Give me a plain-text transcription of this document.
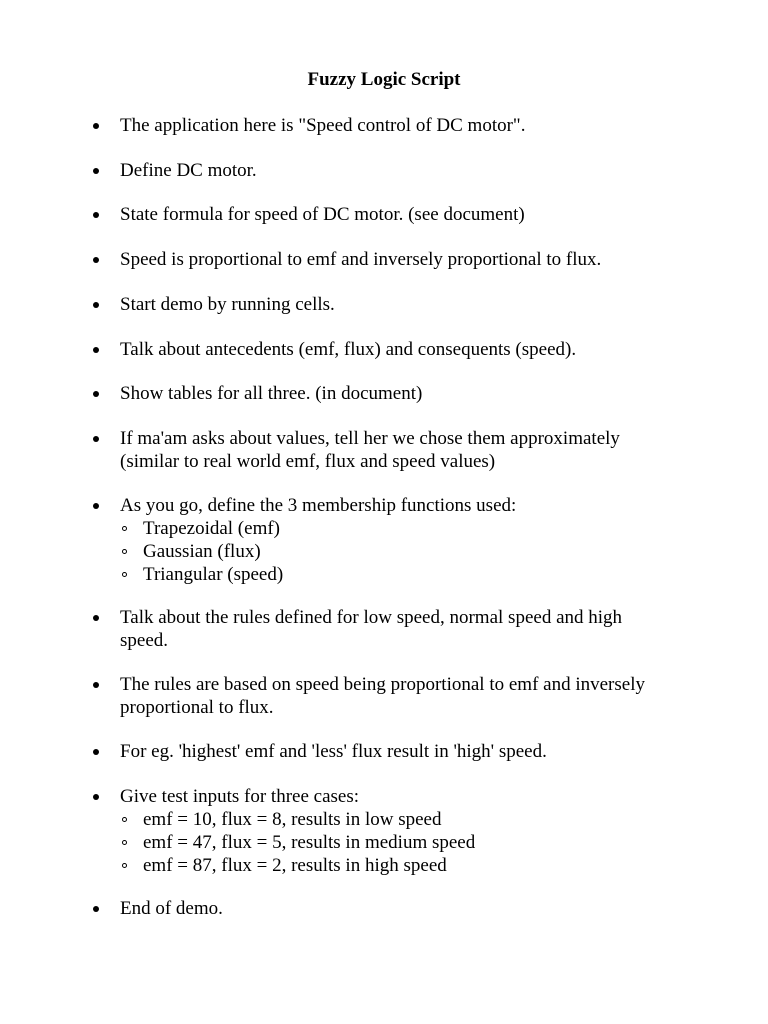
Fuzzy Logic Script
The application here is "Speed control of DC motor".
Define DC motor.
State formula for speed of DC motor. (see document)
Speed is proportional to emf and inversely proportional to flux.
Start demo by running cells.
Talk about antecedents (emf, flux) and consequents (speed).
Show tables for all three. (in document)
If ma'am asks about values, tell her we chose them approximately
(similar to real world emf, flux and speed values)
As you go, define the 3 membership functions used:
Trapezoidal (emf)
Gaussian (flux)
Triangular (speed)
Talk about the rules defined for low speed, normal speed and high
speed.
The rules are based on speed being proportional to emf and inversely
proportional to flux.
For eg. 'highest' emf and 'less' flux result in 'high' speed.
Give test inputs for three cases:
emf = 10, flux = 8, results in low speed
emf = 47, flux = 5, results in medium speed
emf = 87, flux = 2, results in high speed
End of demo.
